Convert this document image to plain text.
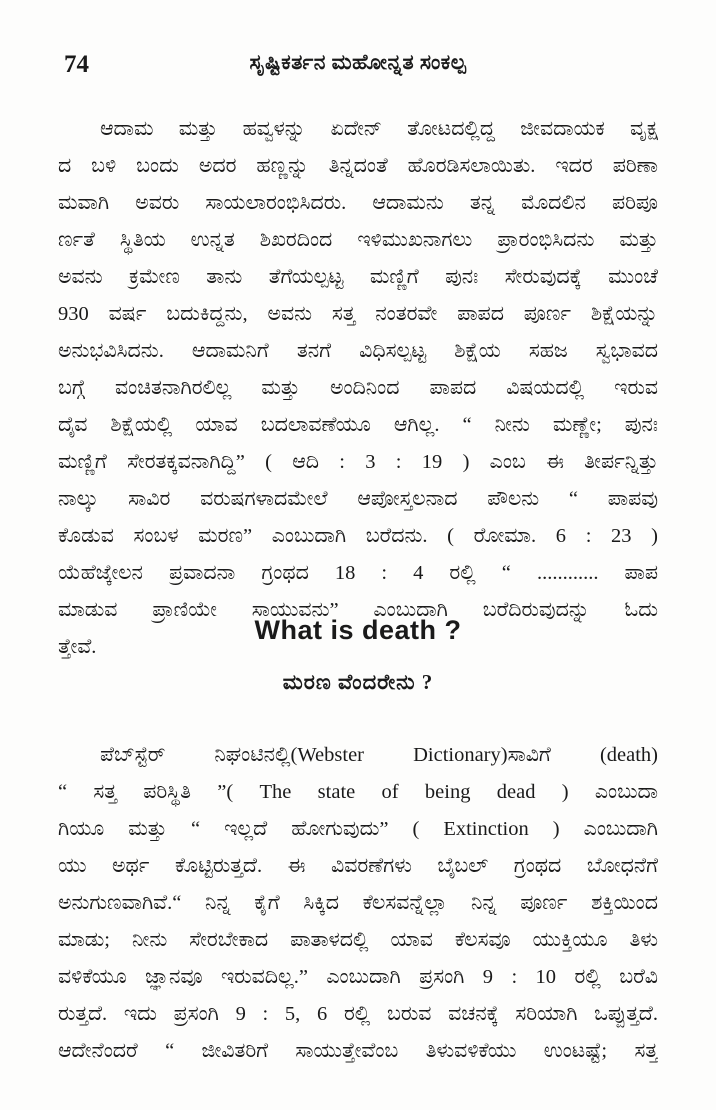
74	ಸೃಷ್ಟಿಕರ್ತನ ಮಹೋನ್ನತ ಸಂಕಲ್ಪ
ಆದಾಮ ಮತ್ತು ಹವ್ವಳನ್ನು ಏದೇನ್ ತೋಟದಲ್ಲಿದ್ದ ಜೀವದಾಯಕ ವೃಕ್ಷ
ದ ಬಳಿ ಬಂದು ಅದರ ಹಣ್ಣನ್ನು ತಿನ್ನದಂತೆ ಹೊರಡಿಸಲಾಯಿತು. ಇದರ ಪರಿಣಾ
ಮವಾಗಿ ಅವರು ಸಾಯಲಾರಂಭಿಸಿದರು. ಆದಾಮನು ತನ್ನ ಮೊದಲಿನ ಪರಿಪೂ
ರ್ಣತೆ ಸ್ಥಿತಿಯ ಉನ್ನತ ಶಿಖರದಿಂದ ಇಳಿಮುಖನಾಗಲು ಪ್ರಾರಂಭಿಸಿದನು ಮತ್ತು
ಅವನು ಕ್ರಮೇಣ ತಾನು ತೆಗೆಯಲ್ಪಟ್ಟ ಮಣ್ಣಿಗೆ ಪುನಃ ಸೇರುವುದಕ್ಕೆ ಮುಂಚೆ
930 ವರ್ಷ ಬದುಕಿದ್ದನು, ಅವನು ಸತ್ತ ನಂತರವೇ ಪಾಪದ ಪೂರ್ಣ ಶಿಕ್ಷೆಯನ್ನು
ಅನುಭವಿಸಿದನು. ಆದಾಮನಿಗೆ ತನಗೆ ವಿಧಿಸಲ್ಪಟ್ಟ ಶಿಕ್ಷೆಯ ಸಹಜ ಸ್ವಭಾವದ
ಬಗ್ಗೆ ವಂಚಿತನಾಗಿರಲಿಲ್ಲ ಮತ್ತು ಅಂದಿನಿಂದ ಪಾಪದ ವಿಷಯದಲ್ಲಿ ಇರುವ
ದೈವ ಶಿಕ್ಷೆಯಲ್ಲಿ ಯಾವ ಬದಲಾವಣೆಯೂ ಆಗಿಲ್ಲ. “ ನೀನು ಮಣ್ಣೇ; ಪುನಃ
ಮಣ್ಣಿಗೆ ಸೇರತಕ್ಕವನಾಗಿದ್ದಿ” ( ಆದಿ : 3 : 19 ) ಎಂಬ ಈ ತೀರ್ಪನ್ನಿತ್ತು
ನಾಲ್ಕು ಸಾವಿರ ವರುಷಗಳಾದಮೇಲೆ ಆಪೋಸ್ತಲನಾದ ಪೌಲನು “ ಪಾಪವು
ಕೊಡುವ ಸಂಬಳ ಮರಣ” ಎಂಬುದಾಗಿ ಬರೆದನು. ( ರೋಮಾ. 6 : 23 )
ಯೆಹೆಜ್ಕೇಲನ ಪ್ರವಾದನಾ ಗ್ರಂಥದ 18 : 4 ರಲ್ಲಿ “ ............ ಪಾಪ
ಮಾಡುವ ಪ್ರಾಣಿಯೇ ಸಾಯುವನು” ಎಂಬುದಾಗಿ ಬರೆದಿರುವುದನ್ನು ಓದು
ತ್ತೇವೆ.
What is death ?
ಮರಣ ವೆಂದರೇನು ?
ಪೆಬ್‌ಸ್ಟೆರ್ ನಿಘಂಟಿನಲ್ಲಿ(Webster Dictionary)ಸಾವಿಗೆ (death)
“ ಸತ್ತ ಪರಿಸ್ಥಿತಿ ”( The state of being dead ) ಎಂಬುದಾ
ಗಿಯೂ ಮತ್ತು “ ಇಲ್ಲದೆ ಹೋಗುವುದು” ( Extinction ) ಎಂಬುದಾಗಿ
ಯು ಅರ್ಥ ಕೊಟ್ಟಿರುತ್ತದೆ. ಈ ವಿವರಣೆಗಳು ಬೈಬಲ್ ಗ್ರಂಥದ ಬೋಧನೆಗೆ
ಅನುಗುಣವಾಗಿವೆ.“ ನಿನ್ನ ಕೈಗೆ ಸಿಕ್ಕಿದ ಕೆಲಸವನ್ನೆಲ್ಲಾ ನಿನ್ನ ಪೂರ್ಣ ಶಕ್ತಿಯಿಂದ
ಮಾಡು; ನೀನು ಸೇರಬೇಕಾದ ಪಾತಾಳದಲ್ಲಿ ಯಾವ ಕೆಲಸವೂ ಯುಕ್ತಿಯೂ ತಿಳು
ವಳಿಕೆಯೂ ಜ್ಞಾನವೂ ಇರುವದಿಲ್ಲ.” ಎಂಬುದಾಗಿ ಪ್ರಸಂಗಿ 9 : 10 ರಲ್ಲಿ ಬರೆವಿ
ರುತ್ತದೆ. ಇದು ಪ್ರಸಂಗಿ 9 : 5, 6 ರಲ್ಲಿ ಬರುವ ವಚನಕ್ಕೆ ಸರಿಯಾಗಿ ಒಪ್ಪುತ್ತದೆ.
ಆದೇನೆಂದರೆ “ ಜೀವಿತರಿಗೆ ಸಾಯುತ್ತೇವೆಂಬ ತಿಳುವಳಿಕೆಯು ಉಂಟಷ್ಟೆ; ಸತ್ತ
